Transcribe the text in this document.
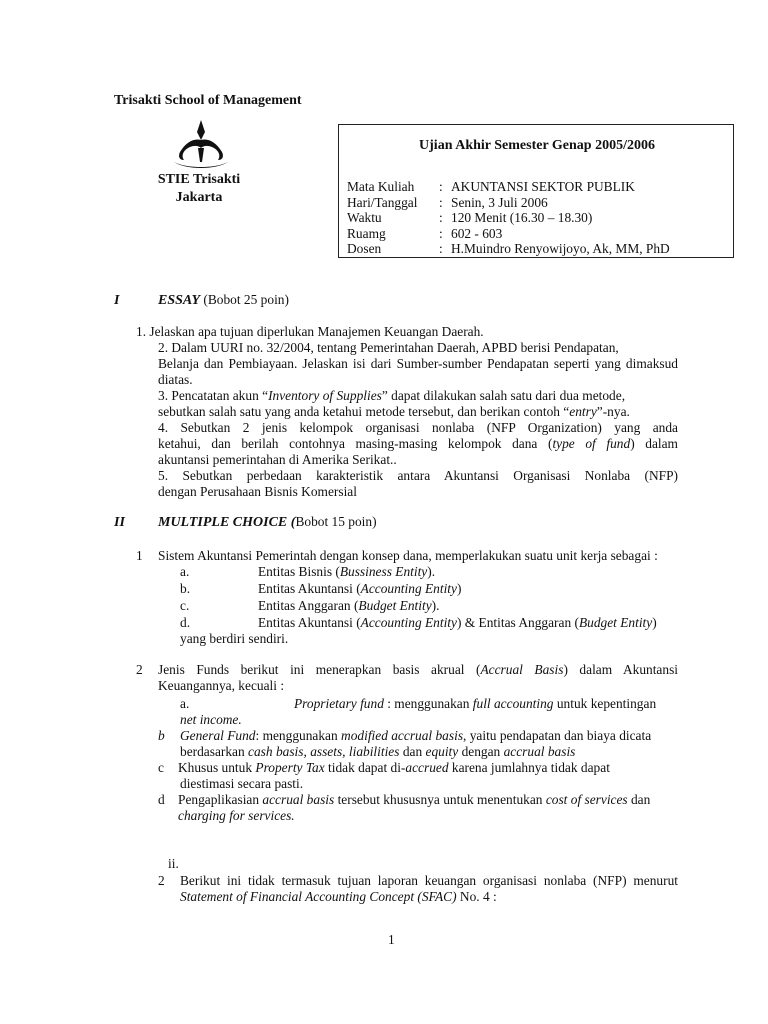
Trisakti School of Management
STIE Trisakti
Jakarta
Ujian Akhir Semester Genap 2005/2006
Mata Kuliah	: AKUNTANSI SEKTOR PUBLIK
Hari/Tanggal	: Senin, 3 Juli 2006
Waktu	: 120 Menit (16.30 – 18.30)
Ruamg	: 602 - 603
Dosen	: H.Muindro Renyowijoyo, Ak, MM, PhD
I	ESSAY (Bobot 25 poin)
1. Jelaskan apa tujuan diperlukan Manajemen Keuangan Daerah.
2. Dalam UURI no. 32/2004, tentang Pemerintahan Daerah, APBD berisi Pendapatan,
Belanja dan Pembiayaan. Jelaskan isi dari Sumber-sumber Pendapatan seperti yang dimaksud
diatas.
3. Pencatatan akun “Inventory of Supplies” dapat dilakukan salah satu dari dua metode,
sebutkan salah satu yang anda ketahui metode tersebut, dan berikan contoh “entry”-nya.
4. Sebutkan 2 jenis kelompok organisasi nonlaba (NFP Organization) yang anda
ketahui, dan berilah contohnya masing-masing kelompok dana (type of fund) dalam
akuntansi pemerintahan di Amerika Serikat..
5. Sebutkan perbedaan karakteristik antara Akuntansi Organisasi Nonlaba (NFP)
dengan Perusahaan Bisnis Komersial
II MULTIPLE CHOICE (Bobot 15 poin)
1 Sistem Akuntansi Pemerintah dengan konsep dana, memperlakukan suatu unit kerja sebagai :
a.	Entitas Bisnis (Bussiness Entity).
b.	Entitas Akuntansi (Accounting Entity)
c.	Entitas Anggaran (Budget Entity).
d.	Entitas Akuntansi (Accounting Entity) & Entitas Anggaran (Budget Entity)
yang berdiri sendiri.
2 Jenis Funds berikut ini menerapkan basis akrual (Accrual Basis) dalam Akuntansi
Keuangannya, kecuali :
a.	Proprietary fund : menggunakan full accounting untuk kepentingan
net income.
b General Fund: menggunakan modified accrual basis, yaitu pendapatan dan biaya dicata
berdasarkan cash basis, assets, liabilities dan equity dengan accrual basis
c Khusus untuk Property Tax tidak dapat di-accrued karena jumlahnya tidak dapat
diestimasi secara pasti.
d Pengaplikasian accrual basis tersebut khususnya untuk menentukan cost of services dan
charging for services.
ii.
2 Berikut ini tidak termasuk tujuan laporan keuangan organisasi nonlaba (NFP) menurut
Statement of Financial Accounting Concept (SFAC) No. 4 :
1
